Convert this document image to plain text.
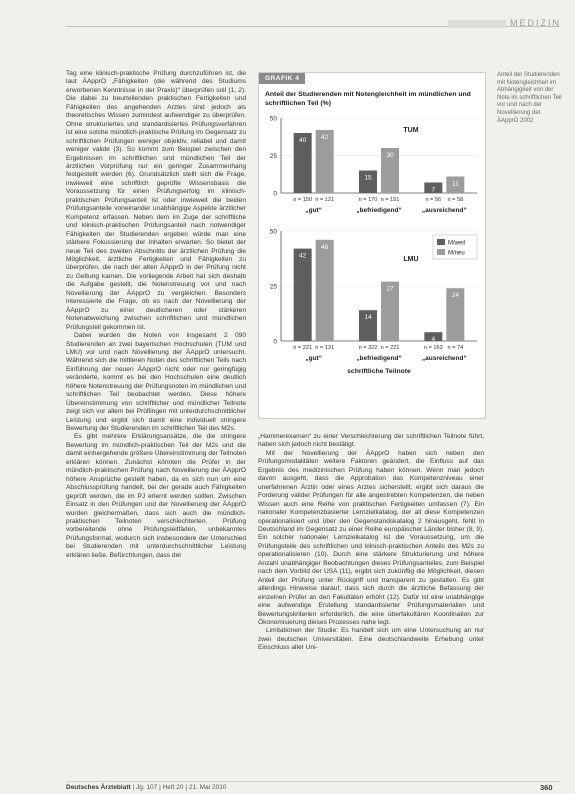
MEDIZIN

Tag eine klinisch-praktische Prüfung durchzuführen ist, die laut ÄApprO „Fähigkeiten (die während des Studiums erworbenen Kenntnisse in der Praxis)“ überprüfen soll (1, 2). Die dabei zu beurteilenden praktischen Fertigkeiten und Fähigkeiten des angehenden Arztes sind jedoch als theoretisches Wissen zumindest aufwendiger zu überprüfen. Ohne strukturiertes und standardisiertes Prüfungsverfahren ist eine solche mündlich-praktische Prüfung im Gegensatz zu schriftlichen Prüfungen weniger objektiv, reliabel und damit weniger valide (3). So kommt zum Beispiel zwischen den Ergebnissen im schriftlichen und mündlichen Teil der ärztlichen Vorprüfung nur ein geringer Zusammenhang festgestellt werden (6). Grundsätzlich stellt sich die Frage, inwieweit eine schriftlich geprüfte Wissensbasis die Voraussetzung für einen Prüfungserfolg im klinisch-praktischen Prüfungsanteil ist oder inwieweit die beiden Prüfungsanteile voneinander unabhängige Aspekte ärztlicher Kompetenz erfassen. Neben dem im Zuge der schriftliche und klinisch-praktischen Prüfungsanteil nach notwendiger Fähigkeiten der Studierenden ergeben würde man eine stärkere Fokussierung der Inhalten erwarten. So bietet der neue Teil des zweiten Abschnitts der ärztlichen Prüfung die Möglichkeit, ärztliche Fertigkeiten und Fähigkeiten zu überprüfen, die nach der alten ÄApprO in der Prüfung nicht zu Geltung kamen. Die vorliegende Arbeit hat sich deshalb die Aufgabe gestellt, die Notenstreuung vor und nach Novellierung der ÄApprO zu vergleichen. Besonders interessierte die Frage, ob es nach der Novellierung der ÄApprO zu einer deutlicheren oder stärkeren Notenabweichung zwischen schriftlichen und mündlichen Prüfungsteil gekommen ist.

Dabei wurden die Noten von insgesamt 2 090 Studierenden an zwei bayerischen Hochschulen (TUM und LMU) vor und nach Novellierung der ÄApprO untersucht. Während sich die mittleren Noten des schriftlichen Teils nach Einführung der neuen ÄApprO nicht oder nur geringfügig veränderte, kommt es bei den Hochschulen eine deutlich höhere Notenstreuung der Prüfungsnoten im mündlichen und schriftlichen Teil beobachtet werden. Diese höhere Übereinstimmung von schriftlicher und mündlicher Teilnote zeigt sich vor allem bei Prüflingen mit unterdurchschnittlicher Leistung und ergibt sich damit eine individuell stringere Bewertung der Studierenden im schriftlichen Teil des M2s.

Es gibt mehrere Erklärungsansätze, die die stringere Bewertung im mündlich-praktischen Teil der M2s und die damit einhergehende größere Übereinstimmung der Teilnoten erklären können. Zunächst könnten die Prüfer in der mündlich-praktischen Prüfung nach Novellierung der ÄApprO höhere Ansprüche gestellt haben, da es sich nun um eine Abschlussprüfung handelt, bei der gerade auch Fähigkeiten geprüft werden, die im PJ erlernt werden sollten. Zwischen Einsatz in den Prüfungen und der Novellierung der ÄApprO wurden gleichermaßen, dass sich auch die mündlich-praktischen Teilnoten verschlechterten. Prüfung vorbereitende ohne Prüfungsleitfäden, unbekanntes Prüfungsformat, wodurch sich insbesondere der Unterschied bei Studierenden mit unterdurchschnittlicher Leistung erklären ließe. Befürchtungen, dass der

GRAFIK 4
Anteil der Studierenden mit Notengleichheit im mündlichen und schriftlichen Teil (%)
0
25
50
TUM
40
n = 150
42
n = 121
„gut“
15
n = 170
30
n = 151
„befriedigend“
7
n = 56
11
n = 58
„ausreichend“
0
25
50
LMU
42
n = 221
46
n = 131
„gut“
14
n = 322
27
n = 221
„befriedigend“
4
n = 163
24
n = 74
„ausreichend“
M/weil
M/neu
schriftliche Teilnote
Anteil der Studierenden mit Notengleichheit im Abhängigkeit von der Note im schriftlichen Teil vor und nach der Novellierung der ÄApprO 2002

„Hammerexamen“ zu einer Verschlechterung der schriftlichen Teilnote führt, haben sich jedoch nicht bestätigt.

Mit der Novellierung der ÄApprO haben sich neben den Prüfungsmodalitäten weitere Faktoren geändert, die Einfluss auf das Ergebnis des medizinischen Prüfung haben können. Wenn man jedoch davon ausgeht, dass die Approbation das Kompetenzniveau einer unerfahrenen Ärztin oder eines Arztes sicherstellt, ergibt sich daraus die Forderung valider Prüfungen für alle angestrebten Kompetenzen, die neben Wissen auch eine Reihe von praktischen Fertigkeiten umfassen (7). Ein nationaler Kompetenzbasierter Lernzielkatalog, der all diese Kompetenzen operationalisiert und über den Gegenstandskatalog 2 hinausgeht, fehlt in Deutschland im Gegensatz zu einer Reihe europäischer Länder bisher (8, 9). Ein solcher nationaler Lernzielkatalog ist die Voraussetzung, um die Prüfungsteile des schriftlichen und klinisch-praktischen Anteils des M2s zu operationalisieren (10). Durch eine stärkere Strukturierung und höhere Anzahl unabhängiger Beobachtungen dieses Prüfungsanteiles, zum Beispiel nach dem Vorbild der USA (11), ergibt sich zukünftig die Möglichkeit, diesen Anteil der Prüfung unter Rückgriff und transparent zu gestalten. Es gibt allerdings Hinweise darauf, dass sich durch die ärztliche Befassung der einzelnen Prüfer an den Fakultäten erhöht (12). Dafür ist eine unabhängige eine aufwendige Erstellung standardisierter Prüfungsmaterialien und Bewertungskriterien erforderlich, die eine überfakultären Koordination zur Ökonomisierung dieses Prozesses nahe legt.

Limitationen der Studie: Es handelt sich um eine Untersuchung an nur zwei deutschen Universitäten. Eine deutschlandweite Erhebung unter Einschluss aller Uni-

Deutsches Ärzteblatt | Jg. 107 | Heft 20 | 21. Mai 2010	360
